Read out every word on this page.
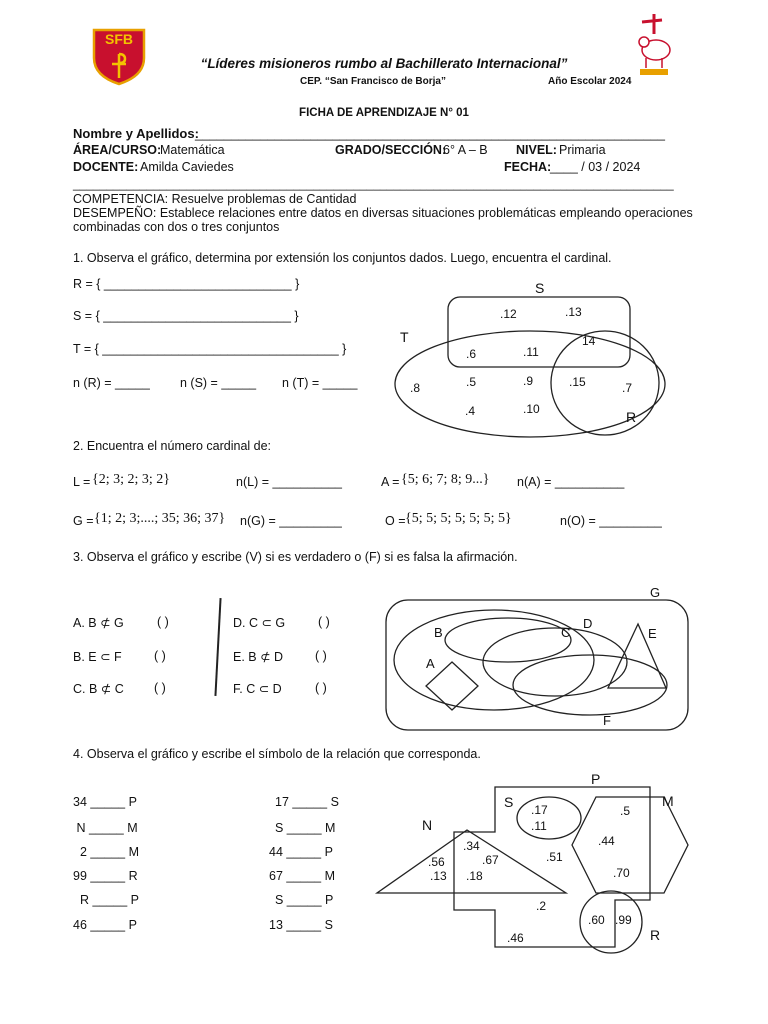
SFB
“Líderes misioneros rumbo al Bachillerato Internacional”
CEP. “San Francisco de Borja”	Año Escolar 2024
FICHA DE APRENDIZAJE N° 01
Nombre y Apellidos:
_________________________________________________________________
ÁREA/CURSO:
Matemática	GRADO/SECCIÓN:
6° A – B NIVEL: Primaria
DOCENTE: Amilda Caviedes	FECHA:
____ / 03 / 2024
__________________________________________________________________________________________
COMPETENCIA: Resuelve problemas de Cantidad
DESEMPEÑO: Establece relaciones entre datos en diversas situaciones problemáticas empleando operaciones
combinadas con dos o tres conjuntos
1. Observa el gráfico, determina por extensión los conjuntos dados. Luego, encuentra el cardinal.
R = { ___________________________ }
S = { ___________________________ }
T = { __________________________________ }
n (R) = _____ n (S) = _____ n (T) = _____
S
T
R
.12	.13
14
.6	.11
.8	.5	.9	.15	.7
.4	.10
2. Encuentra el número cardinal de:
L = {2; 3; 2; 3; 2}	n(L) = __________	A = {5; 6; 7; 8; 9...} n(A) = __________
G = {1; 2; 3;....; 35; 36; 37} n(G) = _________	O = {5; 5; 5; 5; 5; 5; 5}	n(O) = _________
3. Observa el gráfico y escribe (V) si es verdadero o (F) si es falsa la afirmación.
A. B ⊄ G	( )
B. E ⊂ F	( )
C. B ⊄ C ( )
D. C ⊂ G	( )
E. B ⊄ D	( )
F. C ⊂ D	( )
G
B	C
D
E
A
F
4. Observa el gráfico y escribe el símbolo de la relación que corresponda.
34 _____ P
N _____ M
2 _____ M
99 _____ R
R _____ P
46 _____ P
17 _____ S
S _____ M
44 _____ P
67 _____ M
S _____ P
13 _____ S
P
M
N
S
R
.17
.11
.5
.34	.44
.56	.67	.51
.13 .18	.70
.2
.60 .99
.46
